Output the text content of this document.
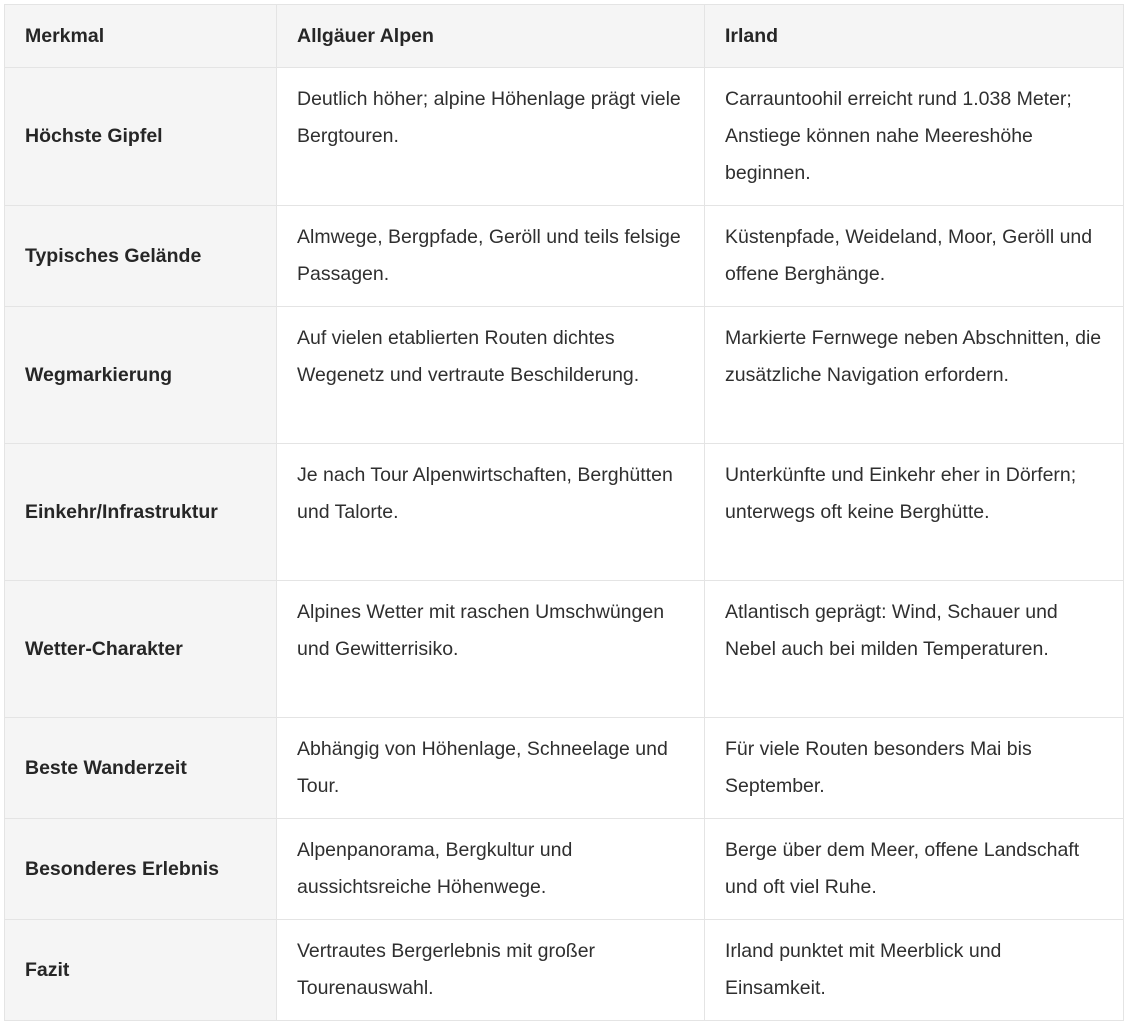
Merkmal	Allgäuer Alpen	Irland
Höchste Gipfel	Deutlich höher; alpine Höhenlage prägt viele Bergtouren.	Carrauntoohil erreicht rund 1.038 Meter; Anstiege können nahe Meereshöhe beginnen.
Typisches Gelände	Almwege, Bergpfade, Geröll und teils felsige Passagen.	Küstenpfade, Weideland, Moor, Geröll und offene Berghänge.
Wegmarkierung	Auf vielen etablierten Routen dichtes Wegenetz und vertraute Beschilderung.	Markierte Fernwege neben Abschnitten, die zusätzliche Navigation erfordern.
Einkehr/Infrastruktur	Je nach Tour Alpenwirtschaften, Berghütten und Talorte.	Unterkünfte und Einkehr eher in Dörfern; unterwegs oft keine Berghütte.
Wetter-Charakter	Alpines Wetter mit raschen Umschwüngen und Gewitterrisiko.	Atlantisch geprägt: Wind, Schauer und Nebel auch bei milden Temperaturen.
Beste Wanderzeit	Abhängig von Höhenlage, Schneelage und Tour.	Für viele Routen besonders Mai bis September.
Besonderes Erlebnis	Alpenpanorama, Bergkultur und aussichtsreiche Höhenwege.	Berge über dem Meer, offene Landschaft und oft viel Ruhe.
Fazit	Vertrautes Bergerlebnis mit großer Tourenauswahl.	Irland punktet mit Meerblick und Einsamkeit.
